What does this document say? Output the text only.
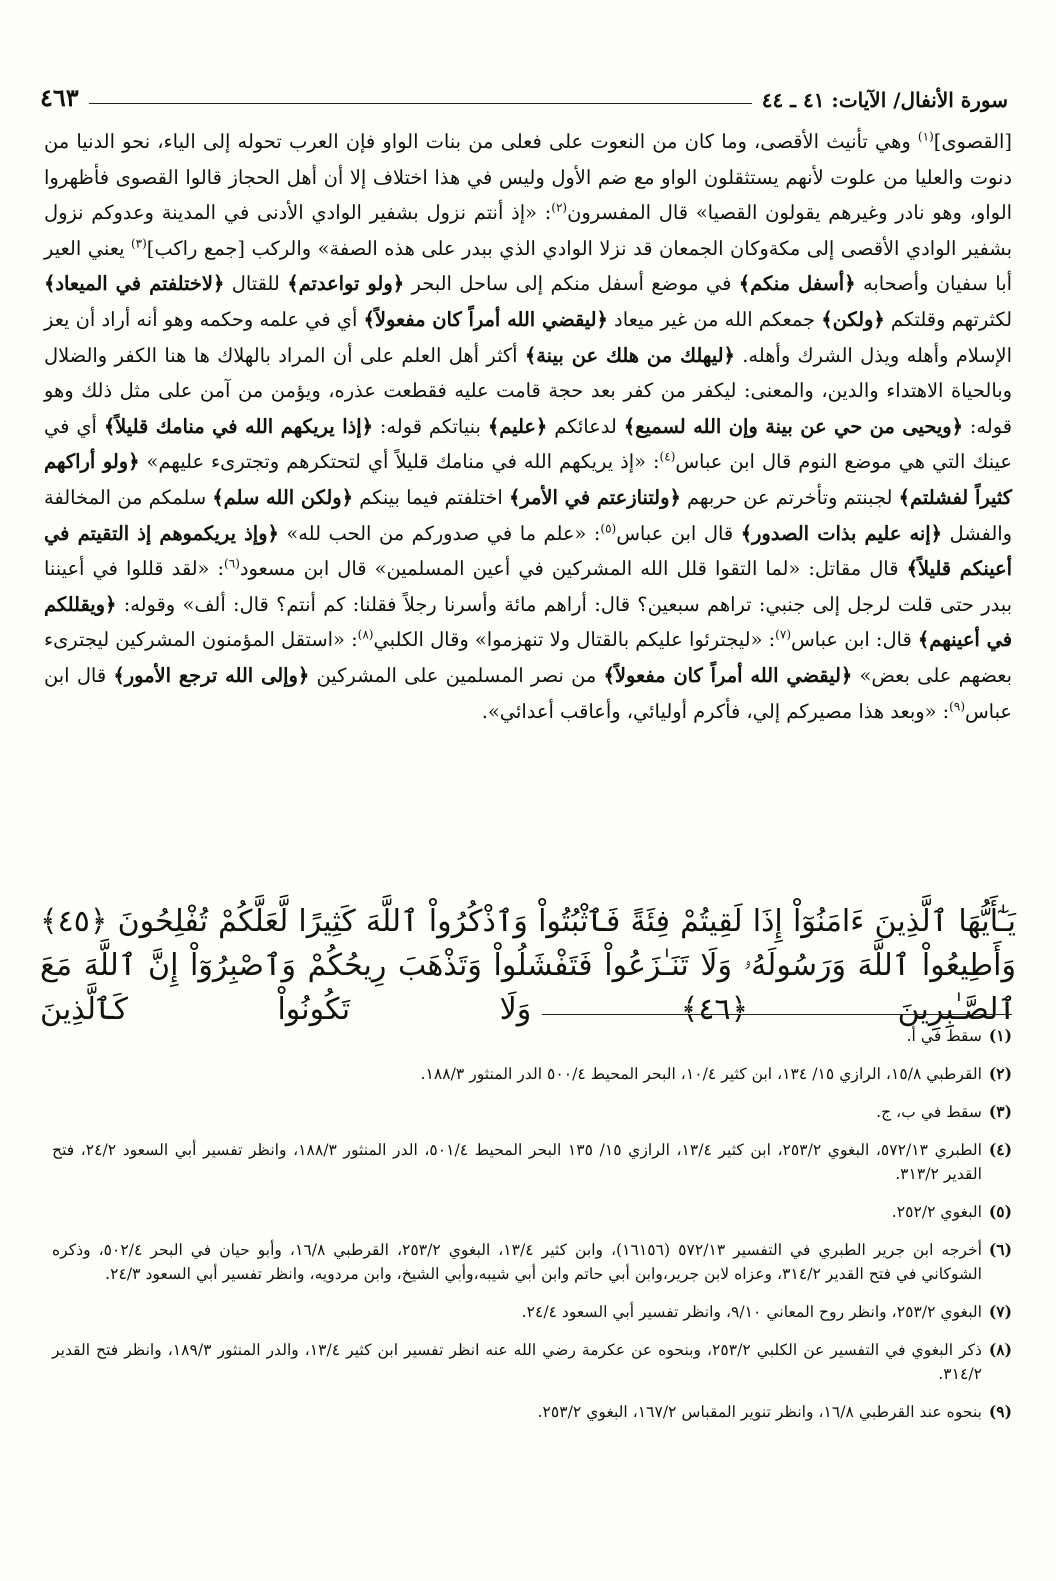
سورة الأنفال/ الآيات: ٤١ ـ ٤٤
٤٦٣

[القصوى]$^{(١)}$ وهي تأنيث الأقصى، وما كان من النعوت على فعلى من بنات الواو فإن العرب تحوله إلى الياء، نحو الدنيا من دنوت والعليا من علوت لأنهم يستثقلون الواو مع ضم الأول وليس في هذا اختلاف إلا أن أهل الحجاز قالوا القصوى فأظهروا الواو، وهو نادر وغيرهم يقولون القصيا» قال المفسرون$^{(٢)}$: «إذ أنتم نزول بشفير الوادي الأدنى في المدينة وعدوكم نزول بشفير الوادي الأقصى إلى مكةوكان الجمعان قد نزلا الوادي الذي ببدر على هذه الصفة» والركب [جمع راكب]$^{(٣)}$ يعني العير أبا سفيان وأصحابه ﴿أسفل منكم﴾ في موضع أسفل منكم إلى ساحل البحر ﴿ولو تواعدتم﴾ للقتال ﴿لاختلفتم في الميعاد﴾ لكثرتهم وقلتكم ﴿ولكن﴾ جمعكم الله من غير ميعاد ﴿ليقضي الله أمراً كان مفعولاً﴾ أي في علمه وحكمه وهو أنه أراد أن يعز الإسلام وأهله ويذل الشرك وأهله. ﴿ليهلك من هلك عن بينة﴾ أكثر أهل العلم على أن المراد بالهلاك ها هنا الكفر والضلال وبالحياة الاهتداء والدين، والمعنى: ليكفر من كفر بعد حجة قامت عليه فقطعت عذره، ويؤمن من آمن على مثل ذلك وهو قوله: ﴿ويحيى من حي عن بينة وإن الله لسميع﴾ لدعائكم ﴿عليم﴾ بنياتكم قوله: ﴿إذا يريكهم الله في منامك قليلاً﴾ أي في عينك التي هي موضع النوم قال ابن عباس$^{(٤)}$: «إذ يريكهم الله في منامك قليلاً أي لتحتكرهم وتجترىء عليهم» ﴿ولو أراكهم كثيراً لفشلتم﴾ لجبنتم وتأخرتم عن حربهم ﴿ولتنازعتم في الأمر﴾ اختلفتم فيما بينكم ﴿ولكن الله سلم﴾ سلمكم من المخالفة والفشل ﴿إنه عليم بذات الصدور﴾ قال ابن عباس$^{(٥)}$: «علم ما في صدوركم من الحب لله» ﴿وإذ يريكموهم إذ التقيتم في أعينكم قليلاً﴾ قال مقاتل: «لما التقوا قلل الله المشركين في أعين المسلمين» قال ابن مسعود$^{(٦)}$: «لقد قللوا في أعيننا ببدر حتى قلت لرجل إلى جنبي: تراهم سبعين؟ قال: أراهم مائة وأسرنا رجلاً فقلنا: كم أنتم؟ قال: ألف» وقوله: ﴿ويقللكم في أعينهم﴾ قال: ابن عباس$^{(٧)}$: «ليجترئوا عليكم بالقتال ولا تنهزموا» وقال الكلبي$^{(٨)}$: «استقل المؤمنون المشركين ليجترىء بعضهم على بعض» ﴿ليقضي الله أمراً كان مفعولاً﴾ من نصر المسلمين على المشركين ﴿وإلى الله ترجع الأمور﴾ قال ابن عباس$^{(٩)}$: «وبعد هذا مصيركم إلي، فأكرم أوليائي، وأعاقب أعدائي».

يَـٰٓأَيُّهَا ٱلَّذِينَ ءَامَنُوٓاْ إِذَا لَقِيتُمْ فِئَةً فَٱثْبُتُواْ وَٱذْكُرُواْ ٱللَّهَ كَثِيرًا لَّعَلَّكُمْ تُفْلِحُونَ ﴿٤٥﴾ وَأَطِيعُواْ ٱللَّهَ وَرَسُولَهُۥ وَلَا تَنَـٰزَعُواْ فَتَفْشَلُواْ وَتَذْهَبَ رِيحُكُمْ وَٱصْبِرُوٓاْ إِنَّ ٱللَّهَ مَعَ ٱلصَّـٰبِرِينَ ﴿٤٦﴾ وَلَا تَكُونُواْ كَٱلَّذِينَ
(١)
سقط في أ.
(٢)
القرطبي ١٥/٨، الرازي ١٥/ ١٣٤، ابن كثير ١٠/٤، البحر المحيط ٥٠٠/٤ الدر المنثور ١٨٨/٣.
(٣)
سقط في ب، ج.
(٤)
الطبري ٥٧٢/١٣، البغوي ٢٥٣/٢، ابن كثير ١٣/٤، الرازي ١٥/ ١٣٥ البحر المحيط ٥٠١/٤، الدر المنثور ١٨٨/٣، وانظر تفسير أبي السعود ٢٤/٢، فتح القدير ٣١٣/٢.
(٥)
البغوي ٢٥٢/٢.
(٦)
أخرجه ابن جرير الطبري في التفسير ٥٧٢/١٣ (١٦١٥٦)، وابن كثير ١٣/٤، البغوي ٢٥٣/٢، القرطبي ١٦/٨، وأبو حيان في البحر ٥٠٢/٤، وذكره الشوكاني في فتح القدير ٣١٤/٢، وعزاه لابن جرير،وابن أبي حاتم وابن أبي شيبه،وأبي الشيخ، وابن مردويه، وانظر تفسير أبي السعود ٢٤/٣.
(٧)
البغوي ٢٥٣/٢، وانظر روح المعاني ٩/١٠، وانظر تفسير أبي السعود ٢٤/٤.
(٨)
ذكر البغوي في التفسير عن الكلبي ٢٥٣/٢، وبنحوه عن عكرمة رضي الله عنه انظر تفسير ابن كثير ١٣/٤، والدر المنثور ١٨٩/٣، وانظر فتح القدير ٣١٤/٢.
(٩)
بنحوه عند القرطبي ١٦/٨، وانظر تنوير المقباس ١٦٧/٢، البغوي ٢٥٣/٢.
